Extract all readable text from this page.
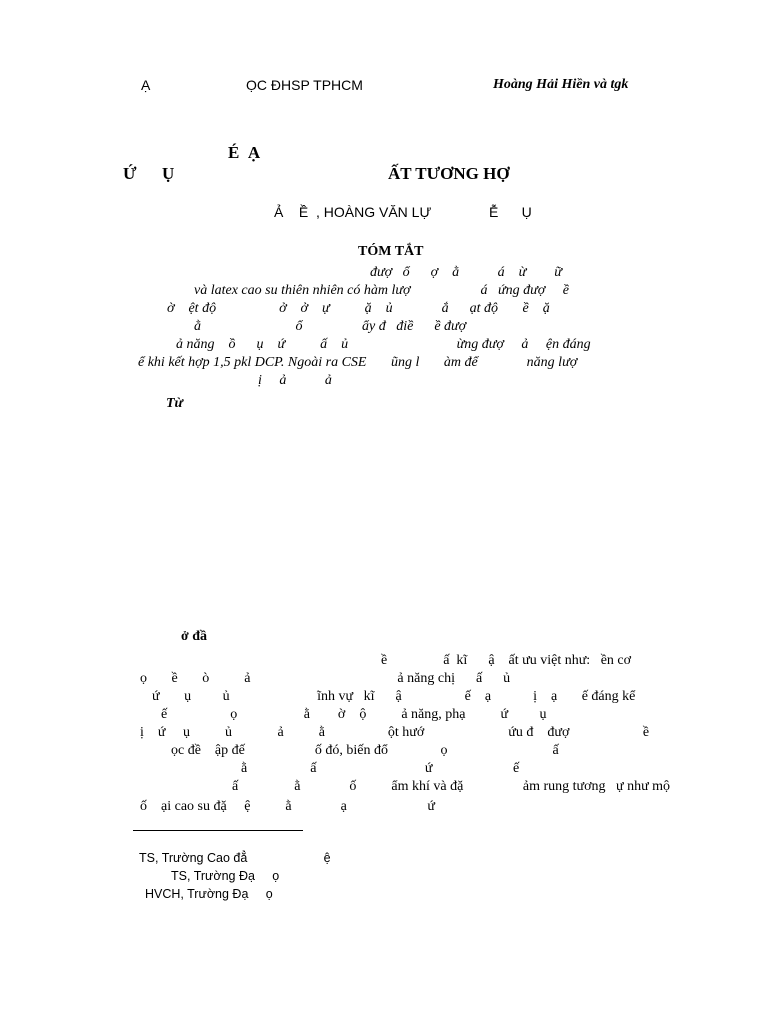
Ạ	ỌC ĐHSP TPHCM	Hoàng Hải Hiền và tgk
É  Ạ
Ứ      Ụ	ẤT TƯƠNG HỢ
Ả    Ề , HOÀNG VĂN LỰ	Ễ      Ụ
TÓM TẮT
đượ   ổ      ợ    ằ           á    ừ        ữ
và latex cao su thiên nhiên có hàm lượ                    á   ứng đượ     ề
ờ    ệt độ                  ở    ở    ự          ặ    ủ              ắ      ạt độ       ề    ặ
ằ                           ổ                 ẩy đ   điề      ề đượ
ả năng    ồ      ụ    ứ          ấ    ủ                               ừng đượ     ả     ện đáng
ể khi kết hợp 1,5 pkl DCP. Ngoài ra CSE       ũng l       àm để              năng lượ
ị     ả           ả
Từ
ở đầ
ề                ấ  kĩ      ậ    ất ưu việt như:   ền cơ
ọ       ề       ò          ả                                          ả năng chị      ấ      ủ
ứ       ụ         ủ                         ĩnh vự   kĩ      ậ                  ế    ạ            ị    ạ       ế đáng kể
ế                  ọ                   ằ        ờ    ộ          ả năng, phạ          ứ         ụ
ị    ứ     ụ          ủ             ả          ằ                  ột hướ                        ứu đ    đượ                     ề
ọc đề    ập đế                    ố đó, biến đổ               ọ                              ấ
ằ                  ấ                               ứ                       ế
ấ                ằ              ố          ẩm khí và đặ                 ảm rung tương   ự như mộ
ố    ại cao su đặ     ệ          ằ              ạ                       ứ
TS, Trường Cao đẳ                      ệ
TS, Trường Đạ     ọ
HVCH, Trường Đạ     ọ
